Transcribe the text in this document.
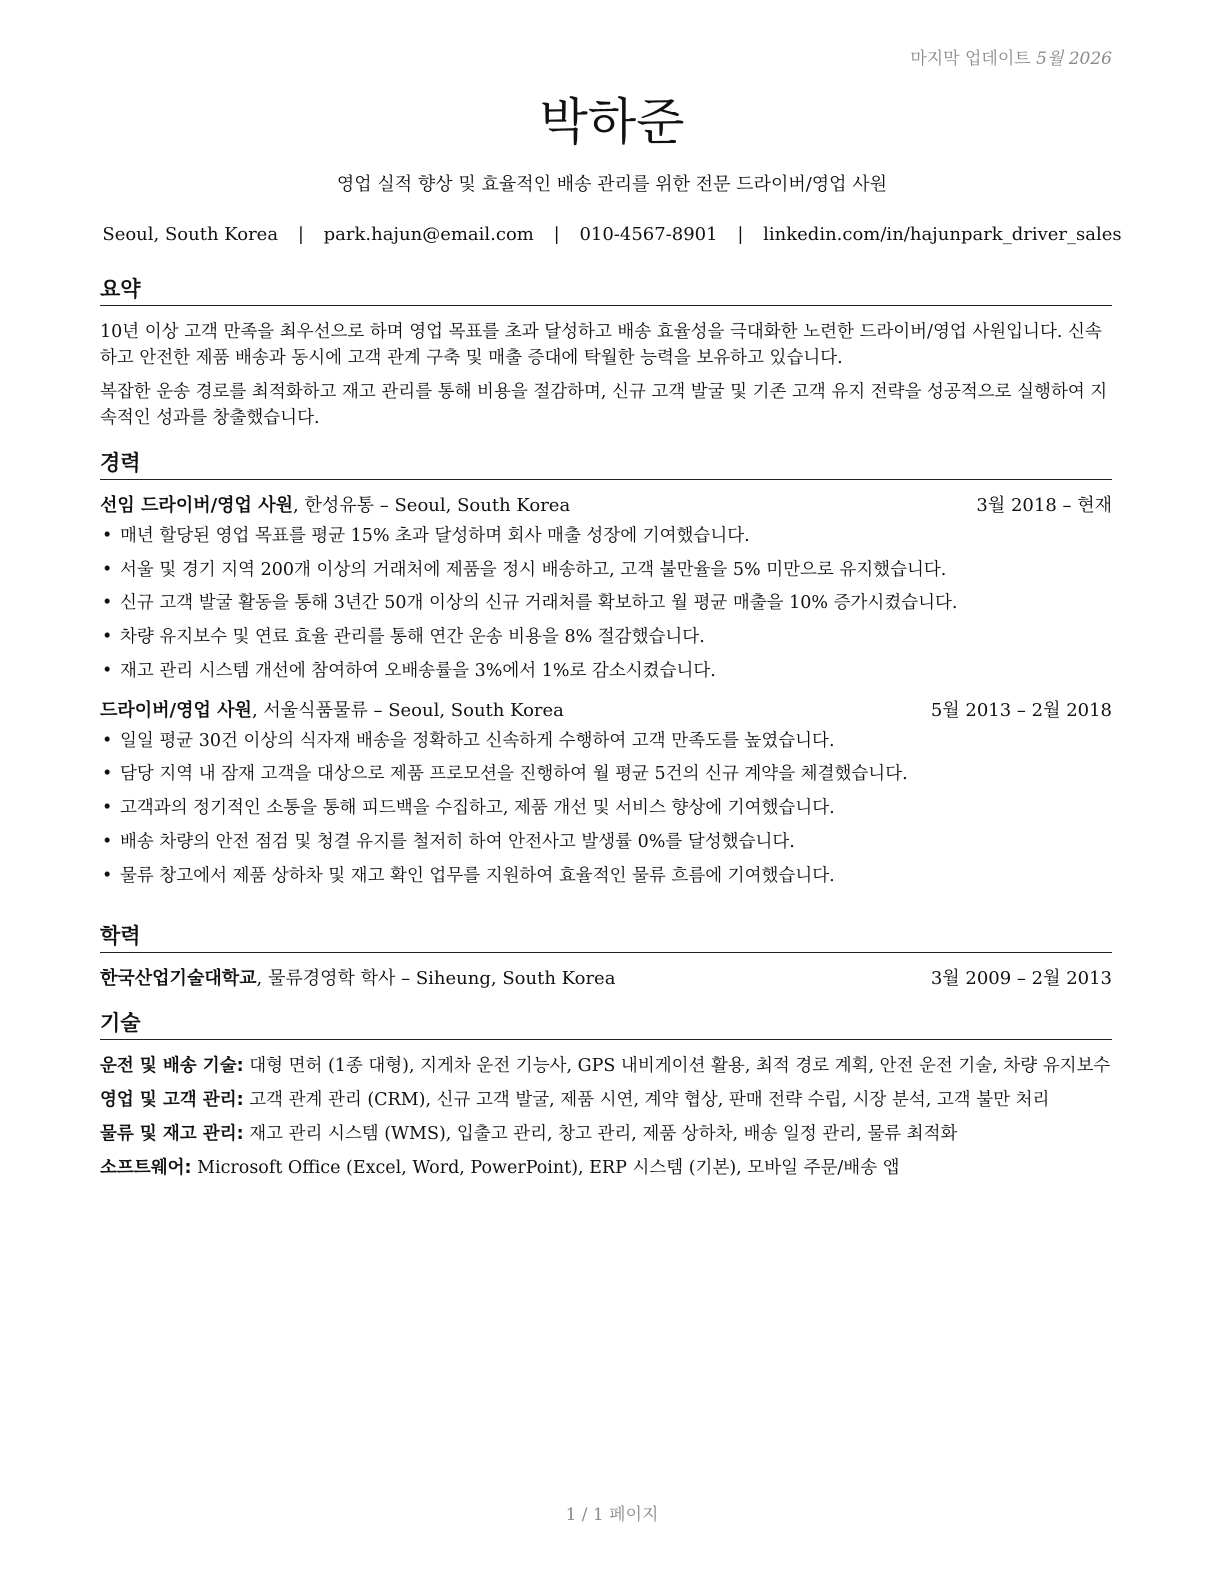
마지막 업데이트 5월 2026
박하준
영업 실적 향상 및 효율적인 배송 관리를 위한 전문 드라이버/영업 사원
Seoul, South Korea | park.hajun@email.com | 010-4567-8901 | linkedin.com/in/hajunpark_driver_sales
요약

10년 이상 고객 만족을 최우선으로 하며 영업 목표를 초과 달성하고 배송 효율성을 극대화한 노련한 드라이버/영업 사원입니다. 신속하고 안전한 제품 배송과 동시에 고객 관계 구축 및 매출 증대에 탁월한 능력을 보유하고 있습니다.

복잡한 운송 경로를 최적화하고 재고 관리를 통해 비용을 절감하며, 신규 고객 발굴 및 기존 고객 유지 전략을 성공적으로 실행하여 지속적인 성과를 창출했습니다.

경력
선임 드라이버/영업 사원, 한성유통 – Seoul, South Korea	3월 2018 – 현재
• 매년 할당된 영업 목표를 평균 15% 초과 달성하며 회사 매출 성장에 기여했습니다.
• 서울 및 경기 지역 200개 이상의 거래처에 제품을 정시 배송하고, 고객 불만율을 5% 미만으로 유지했습니다.
• 신규 고객 발굴 활동을 통해 3년간 50개 이상의 신규 거래처를 확보하고 월 평균 매출을 10% 증가시켰습니다.
• 차량 유지보수 및 연료 효율 관리를 통해 연간 운송 비용을 8% 절감했습니다.
• 재고 관리 시스템 개선에 참여하여 오배송률을 3%에서 1%로 감소시켰습니다.
드라이버/영업 사원, 서울식품물류 – Seoul, South Korea	5월 2013 – 2월 2018
• 일일 평균 30건 이상의 식자재 배송을 정확하고 신속하게 수행하여 고객 만족도를 높였습니다.
• 담당 지역 내 잠재 고객을 대상으로 제품 프로모션을 진행하여 월 평균 5건의 신규 계약을 체결했습니다.
• 고객과의 정기적인 소통을 통해 피드백을 수집하고, 제품 개선 및 서비스 향상에 기여했습니다.
• 배송 차량의 안전 점검 및 청결 유지를 철저히 하여 안전사고 발생률 0%를 달성했습니다.
• 물류 창고에서 제품 상하차 및 재고 확인 업무를 지원하여 효율적인 물류 흐름에 기여했습니다.
학력
한국산업기술대학교, 물류경영학 학사 – Siheung, South Korea	3월 2009 – 2월 2013
기술

운전 및 배송 기술: 대형 면허 (1종 대형), 지게차 운전 기능사, GPS 내비게이션 활용, 최적 경로 계획, 안전 운전 기술, 차량 유지보수

영업 및 고객 관리: 고객 관계 관리 (CRM), 신규 고객 발굴, 제품 시연, 계약 협상, 판매 전략 수립, 시장 분석, 고객 불만 처리

물류 및 재고 관리: 재고 관리 시스템 (WMS), 입출고 관리, 창고 관리, 제품 상하차, 배송 일정 관리, 물류 최적화

소프트웨어: Microsoft Office (Excel, Word, PowerPoint), ERP 시스템 (기본), 모바일 주문/배송 앱

1 / 1 페이지
